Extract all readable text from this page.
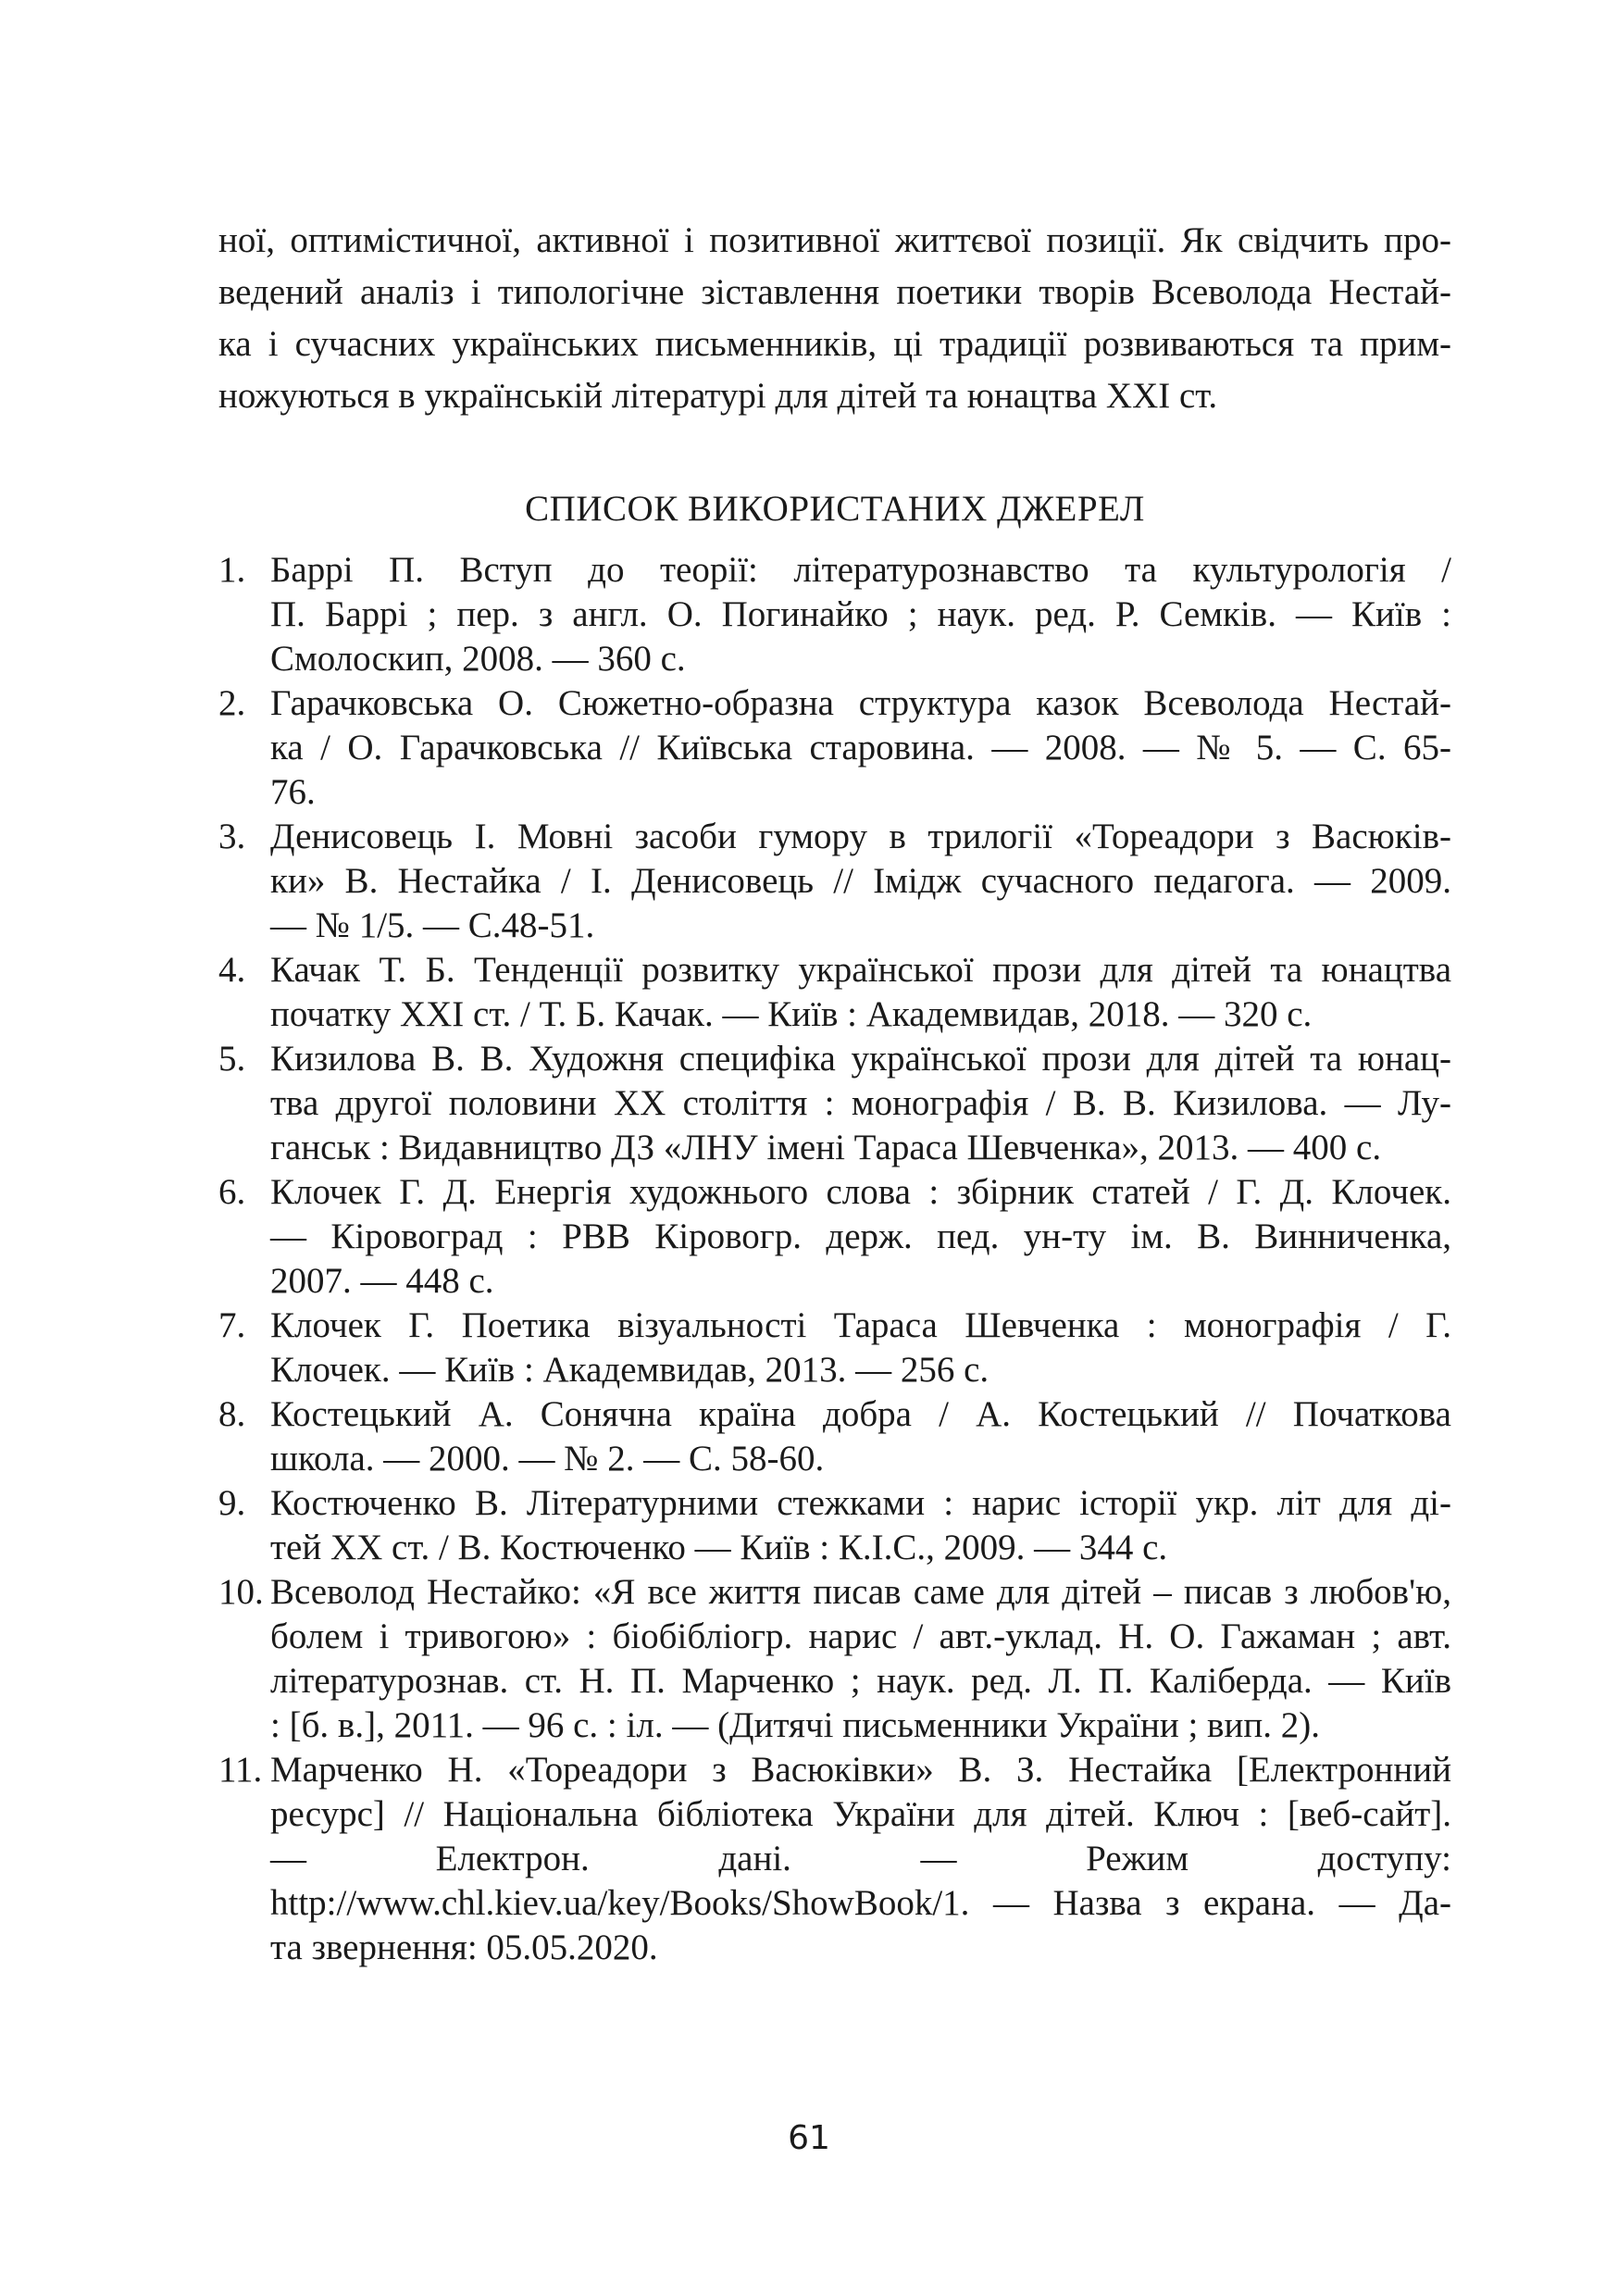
ної, оптимістичної, активної і позитивної життєвої позиції. Як свідчить про-
ведений аналіз і типологічне зіставлення поетики творів Всеволода Нестай-
ка і сучасних українських письменників, ці традиції розвиваються та прим-
ножуються в українській літературі для дітей та юнацтва XXI ст.

СПИСОК ВИКОРИСТАНИХ ДЖЕРЕЛ
1. Баррі П. Вступ до теорії: літературознавство та культурологія /
П. Баррі ; пер. з англ. О. Погинайко ; наук. ред. Р. Семків. — Київ :
Смолоскип, 2008. — 360 с.
2. Гарачковська О. Сюжетно-образна структура казок Всеволода Нестай-
ка / О. Гарачковська // Київська старовина. — 2008. — № 5. — С. 65-
76.
3. Денисовець І. Мовні засоби гумору в трилогії «Тореадори з Васюків-
ки» В. Нестайка / І. Денисовець // Імідж сучасного педагога. — 2009.
— № 1/5. — С.48-51.
4. Качак Т. Б. Тенденції розвитку української прози для дітей та юнацтва
початку XXI ст. / Т. Б. Качак. — Київ : Академвидав, 2018. — 320 с.
5. Кизилова В. В. Художня специфіка української прози для дітей та юнац-
тва другої половини XX століття : монографія / В. В. Кизилова. — Лу-
ганськ : Видавництво ДЗ «ЛНУ імені Тараса Шевченка», 2013. — 400 с.
6. Клочек Г. Д. Енергія художнього слова : збірник статей / Г. Д. Клочек.
— Кіровоград : РВВ Кіровогр. держ. пед. ун-ту ім. В. Винниченка,
2007. — 448 с.
7. Клочек Г. Поетика візуальності Тараса Шевченка : монографія / Г.
Клочек. — Київ : Академвидав, 2013. — 256 с.
8. Костецький А. Сонячна країна добра / А. Костецький // Початкова
школа. — 2000. — № 2. — С. 58-60.
9. Костюченко В. Літературними стежками : нарис історії укр. літ для ді-
тей XX ст. / В. Костюченко — Київ : К.І.С., 2009. — 344 с.
10. Всеволод Нестайко: «Я все життя писав саме для дітей – писав з любов'ю,
болем і тривогою» : біобібліогр. нарис / авт.-уклад. Н. О. Гажаман ; авт.
літературознав. ст. Н. П. Марченко ; наук. ред. Л. П. Каліберда. — Київ
: [б. в.], 2011. — 96 с. : іл. — (Дитячі письменники України ; вип. 2).
11. Марченко Н. «Тореадори з Васюківки» В. З. Нестайка [Електронний
ресурс] // Національна бібліотека України для дітей. Ключ : [веб-сайт].
— Електрон. дані. — Режим доступу:
http://www.chl.kiev.ua/key/Books/ShowBook/1. — Назва з екрана. — Да-
та звернення: 05.05.2020.
61
